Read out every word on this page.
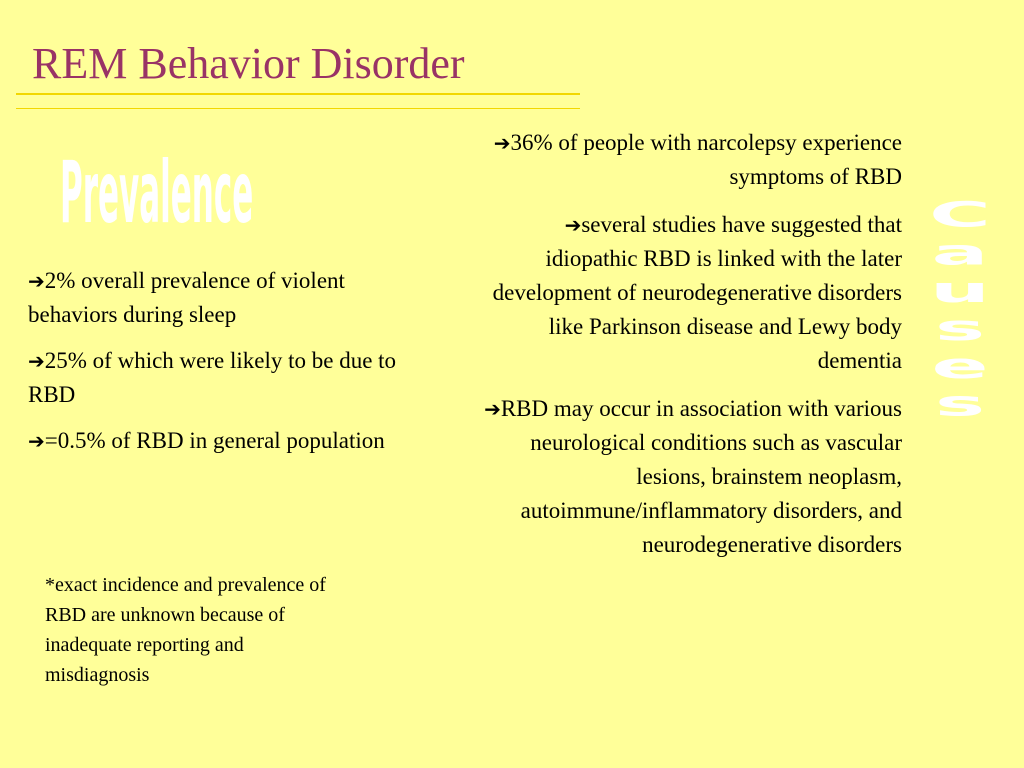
REM Behavior Disorder
Prevalence

➔2% overall prevalence of violent behaviors during sleep

➔25% of which were likely to be due to RBD

➔=0.5% of RBD in general population

*exact incidence and prevalence of RBD are unknown because of inadequate reporting and misdiagnosis

➔36% of people with narcolepsy experience symptoms of RBD

➔several studies have suggested that idiopathic RBD is linked with the later development of neurodegenerative disorders like Parkinson disease and Lewy body dementia

➔RBD may occur in association with various neurological conditions such as vascular lesions, brainstem neoplasm, autoimmune/inflammatory disorders, and neurodegenerative disorders

C
a
u
s
e
s
